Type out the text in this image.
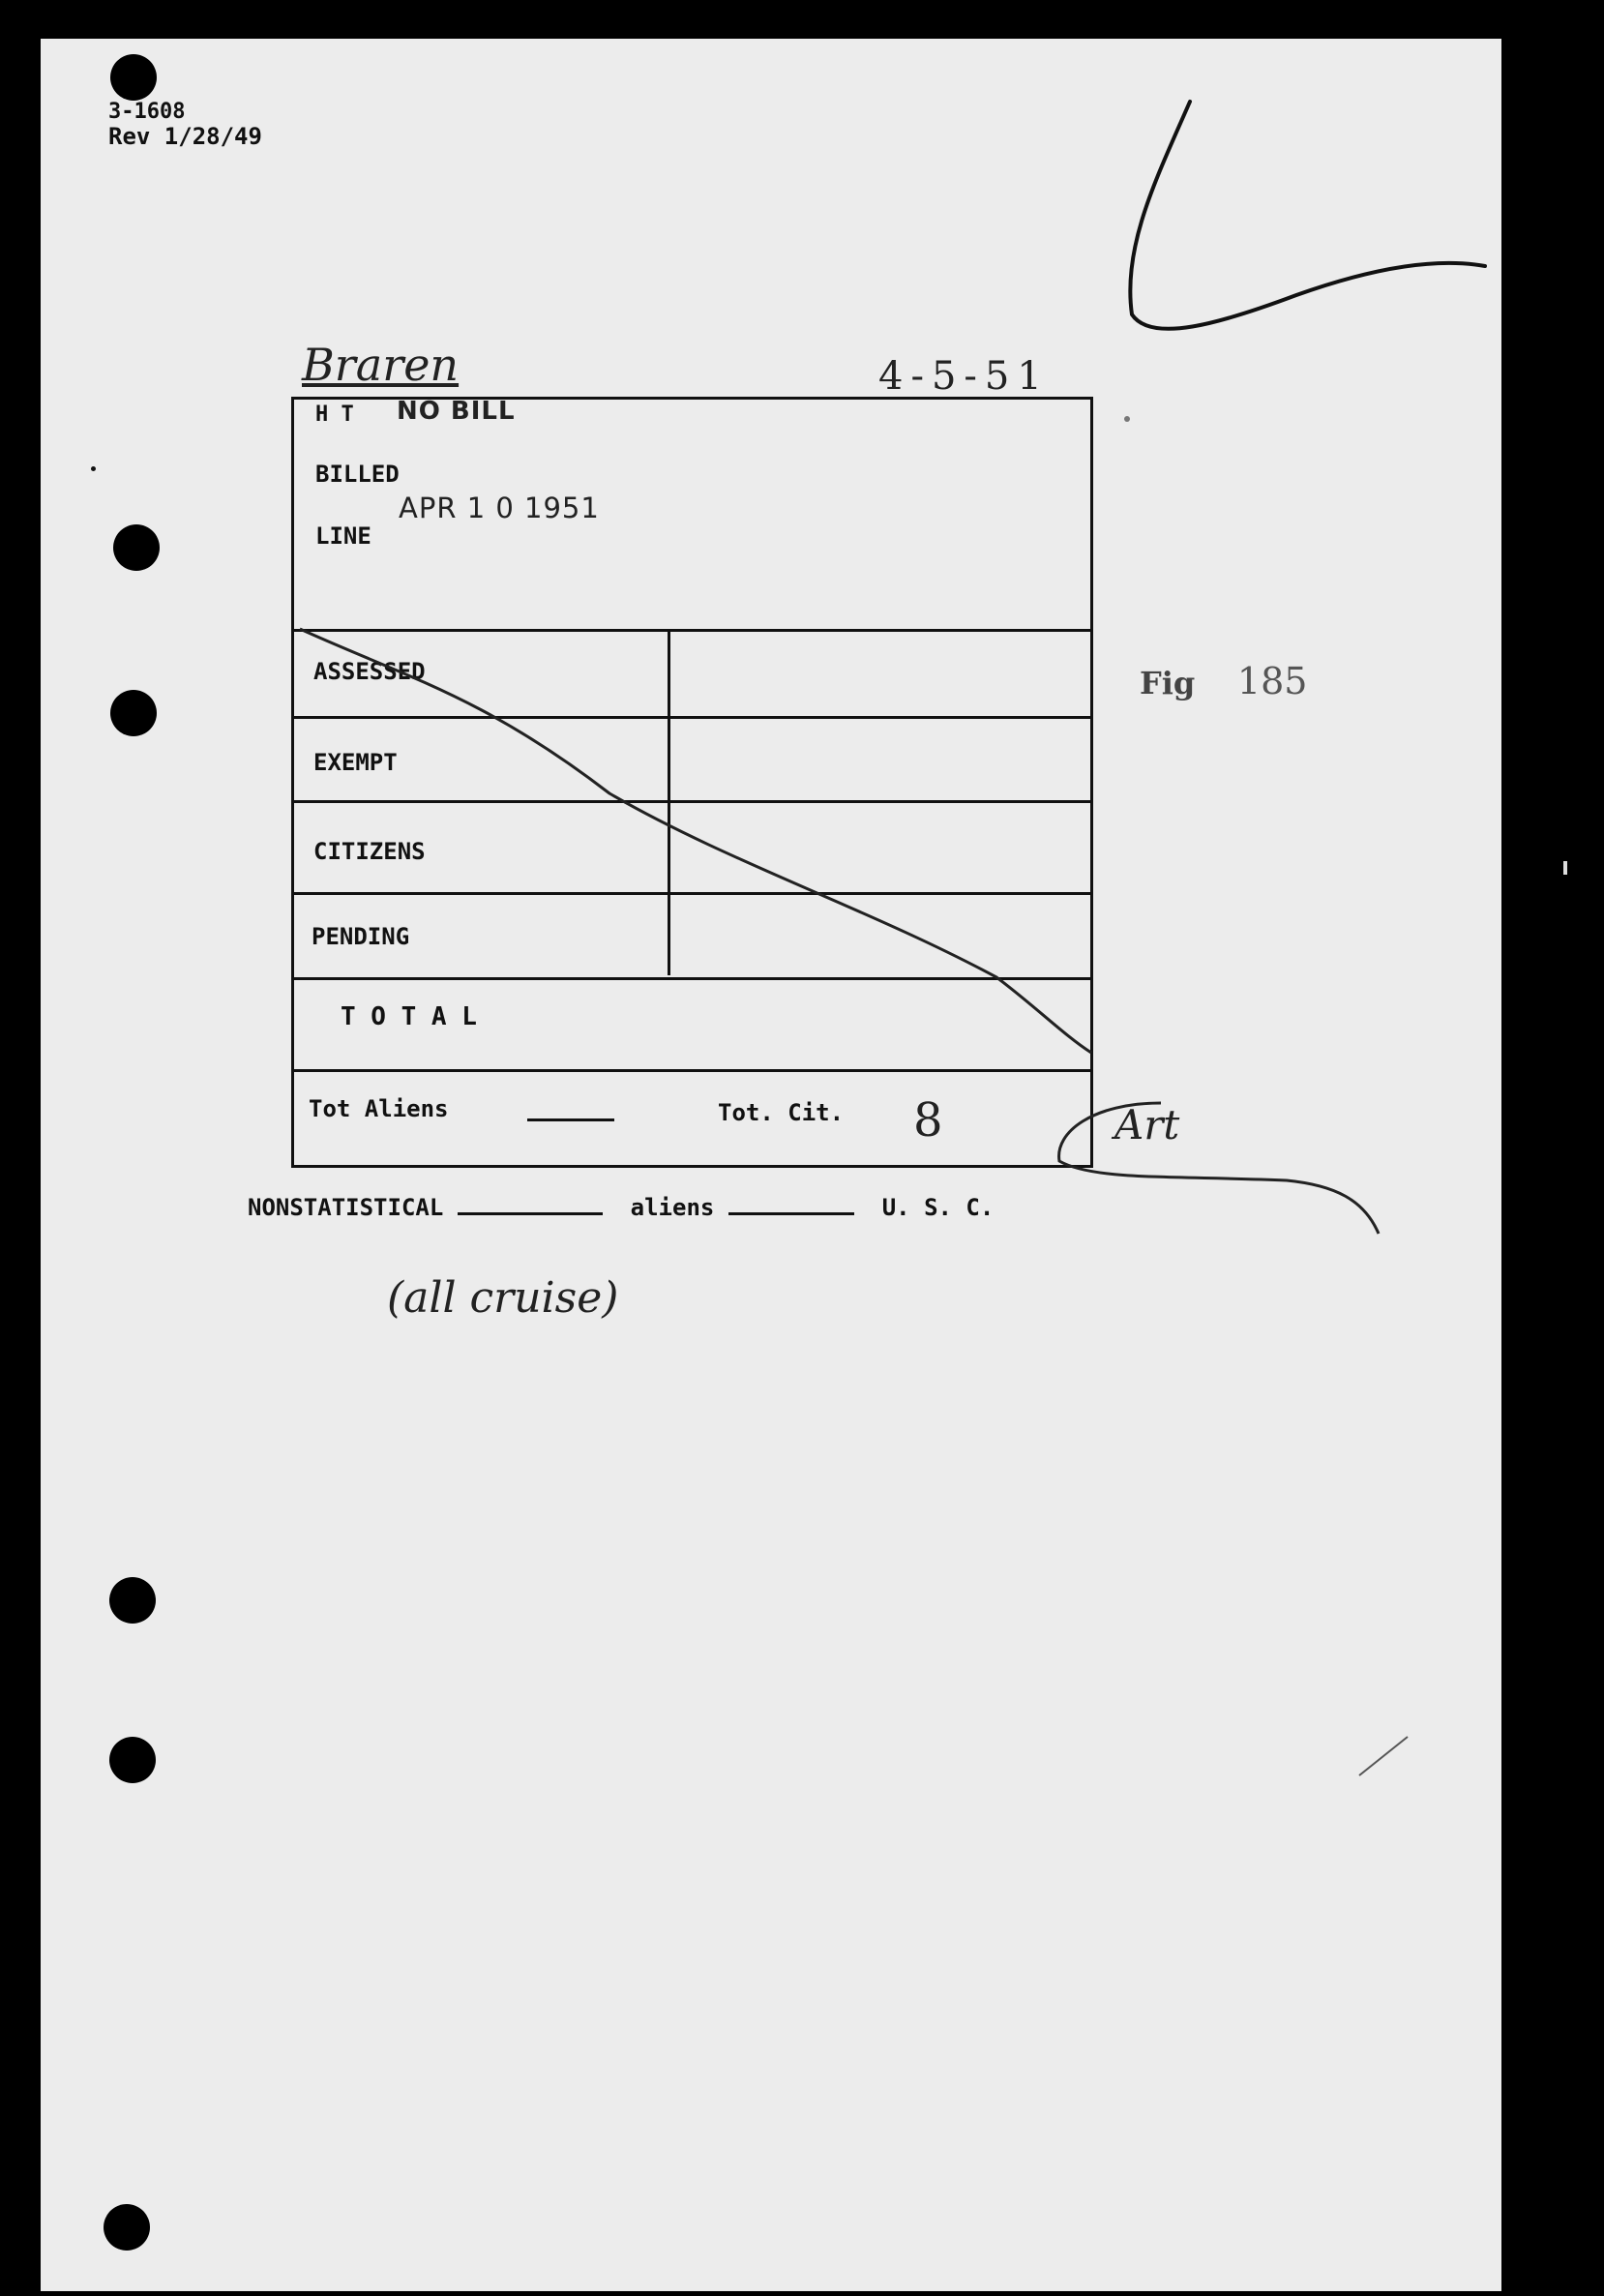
3-1608
Rev 1/28/49
Braren	4-5-51
H T NO BILL
BILLED
APR 1 0 1951
LINE
ASSESSED
EXEMPT
CITIZENS
PENDING
T O T A L
Tot Aliens	Tot. Cit. 8	Art
NONSTATISTICAL	aliens	U. S. C.
(all cruise)
Fig 185
